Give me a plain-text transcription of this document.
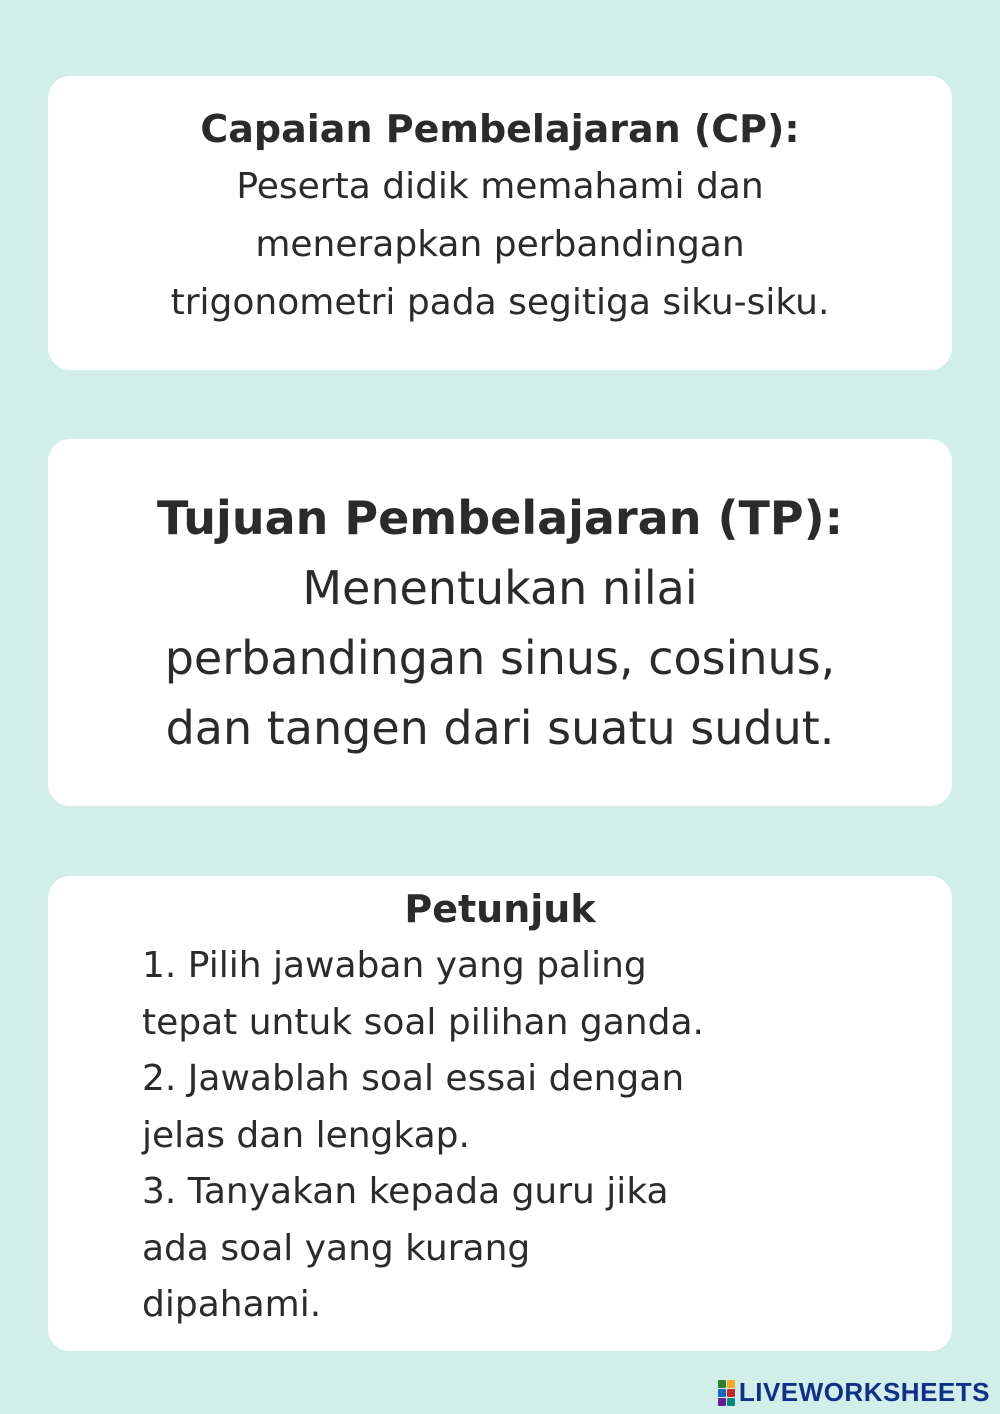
Capaian Pembelajaran (CP):

Peserta didik memahami dan

menerapkan perbandingan

trigonometri pada segitiga siku-siku.

Tujuan Pembelajaran (TP):

Menentukan nilai

perbandingan sinus, cosinus,

dan tangen dari suatu sudut.

Petunjuk

1. Pilih jawaban yang paling

tepat untuk soal pilihan ganda.

2. Jawablah soal essai dengan

jelas dan lengkap.

3. Tanyakan kepada guru jika

ada soal yang kurang

dipahami.

LIVEWORKSHEETS
